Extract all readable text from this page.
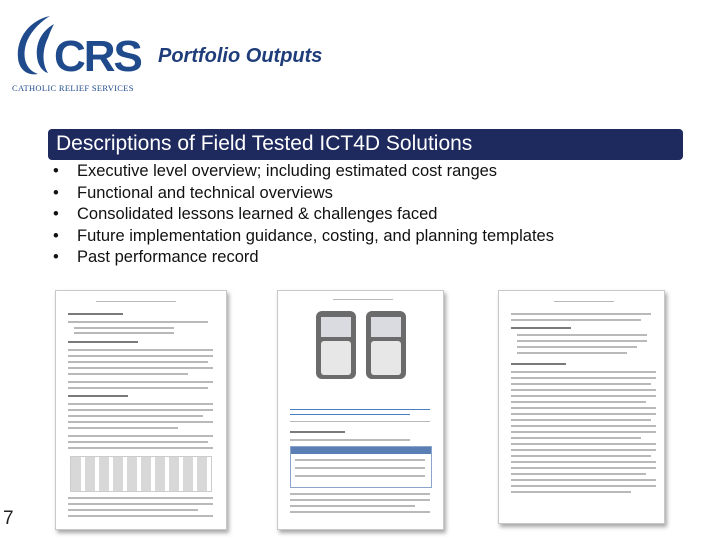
CRS
CATHOLIC RELIEF SERVICES
Portfolio Outputs
Descriptions of Field Tested ICT4D Solutions
• Executive level overview; including estimated cost ranges
• Functional and technical overviews
• Consolidated lessons learned & challenges faced
• Future implementation guidance, costing, and planning templates
• Past performance record
7
